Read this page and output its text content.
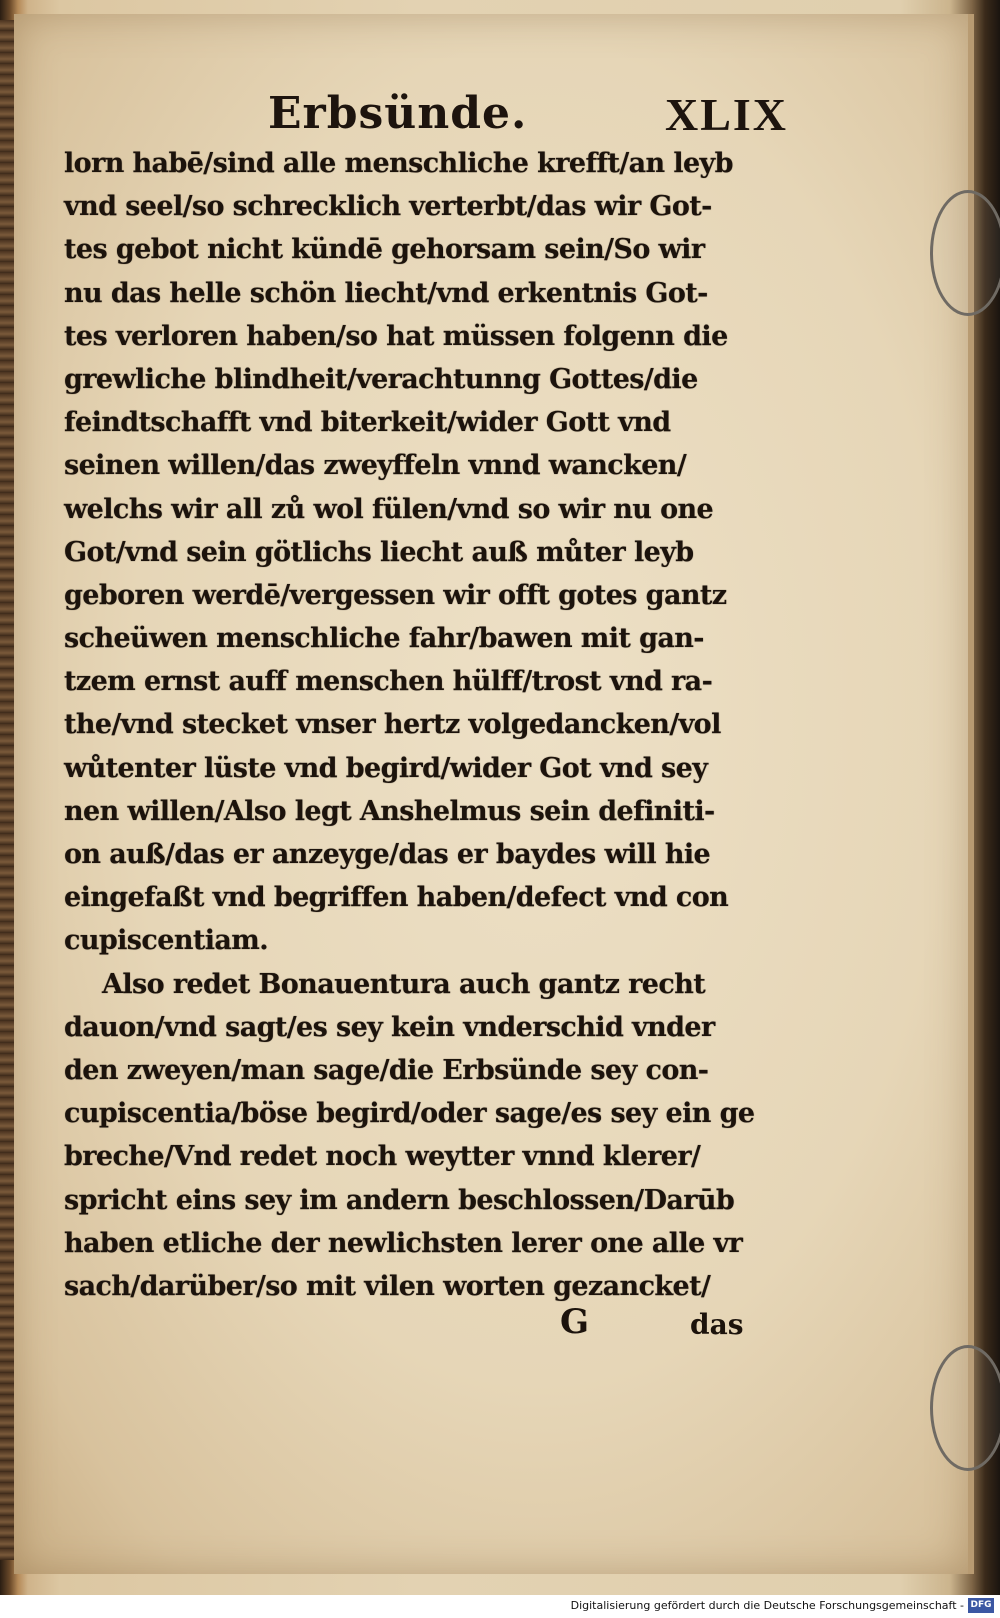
Erbsünde.	XLIX
lorn habē/sind alle menschliche krefft/an leyb
vnd seel/so schrecklich verterbt/das wir Got-
tes gebot nicht kündē gehorsam sein/So wir
nu das helle schön liecht/vnd erkentnis Got-
tes verloren haben/so hat müssen folgenn die
grewliche blindheit/verachtunng Gottes/die
feindtschafft vnd biterkeit/wider Gott vnd
seinen willen/das zweyffeln vnnd wancken/
welchs wir all zů wol fülen/vnd so wir nu one
Got/vnd sein götlichs liecht auß můter leyb
geboren werdē/vergessen wir offt gotes gantz
scheüwen menschliche fahr/bawen mit gan-
tzem ernst auff menschen hülff/trost vnd ra-
the/vnd stecket vnser hertz volgedancken/vol
wůtenter lüste vnd begird/wider Got vnd sey
nen willen/Also legt Anshelmus sein definiti-
on auß/das er anzeyge/das er baydes will hie
eingefaßt vnd begriffen haben/defect vnd con
cupiscentiam.
Also redet Bonauentura auch gantz recht
dauon/vnd sagt/es sey kein vnderschid vnder
den zweyen/man sage/die Erbsünde sey con-
cupiscentia/böse begird/oder sage/es sey ein ge
breche/Vnd redet noch weytter vnnd klerer/
spricht eins sey im andern beschlossen/Darūb
haben etliche der newlichsten lerer one alle vr
sach/darüber/so mit vilen worten gezancket/
G	das
Digitalisierung gefördert durch die Deutsche Forschungsgemeinschaft - DFG
